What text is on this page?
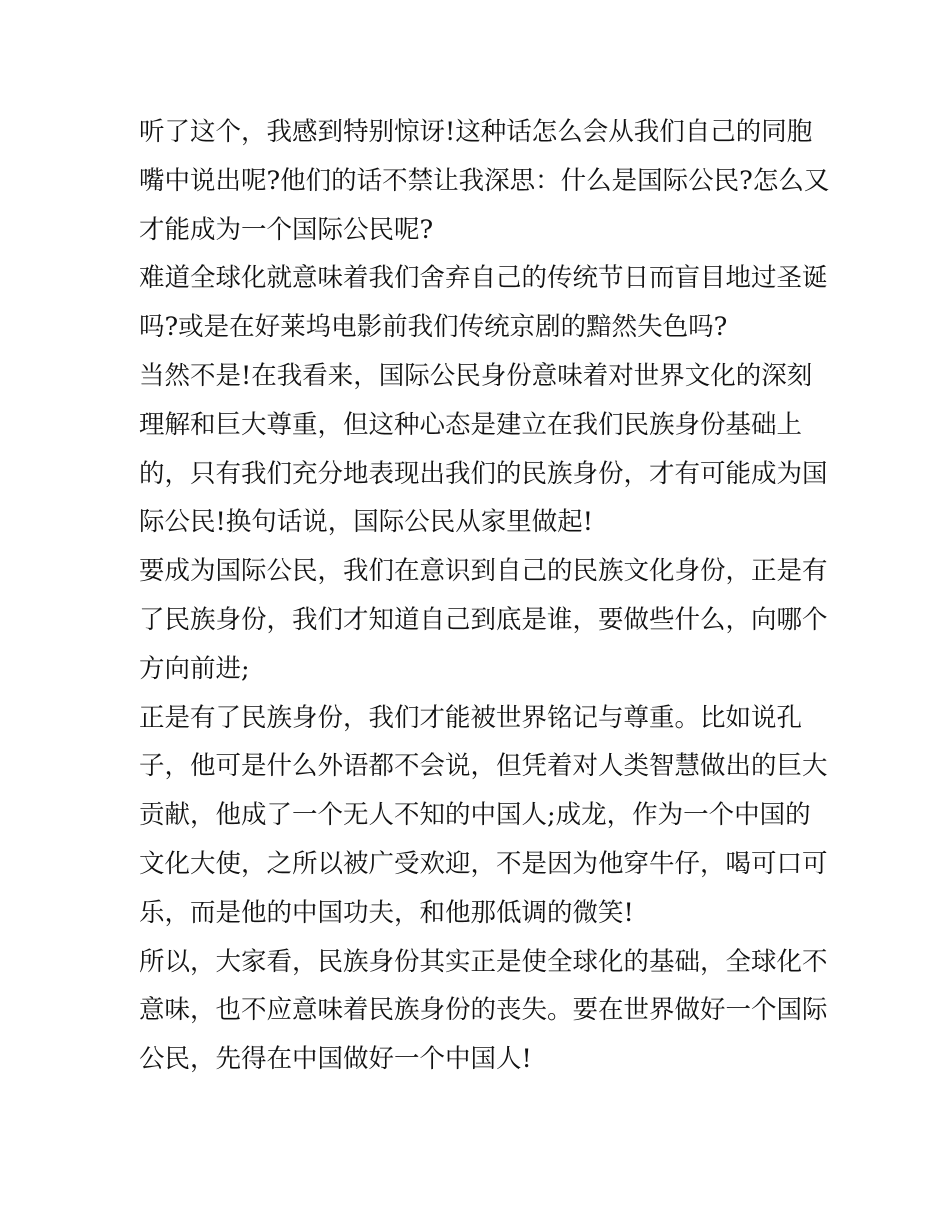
听了这个，我感到特别惊讶!这种话怎么会从我们自己的同胞
嘴中说出呢?他们的话不禁让我深思：什么是国际公民?怎么又
才能成为一个国际公民呢?
难道全球化就意味着我们舍弃自己的传统节日而盲目地过圣诞
吗?或是在好莱坞电影前我们传统京剧的黯然失色吗?
当然不是!在我看来，国际公民身份意味着对世界文化的深刻
理解和巨大尊重，但这种心态是建立在我们民族身份基础上
的，只有我们充分地表现出我们的民族身份，才有可能成为国
际公民!换句话说，国际公民从家里做起!
要成为国际公民，我们在意识到自己的民族文化身份，正是有
了民族身份，我们才知道自己到底是谁，要做些什么，向哪个
方向前进;
正是有了民族身份，我们才能被世界铭记与尊重。比如说孔
子，他可是什么外语都不会说，但凭着对人类智慧做出的巨大
贡献，他成了一个无人不知的中国人;成龙，作为一个中国的
文化大使，之所以被广受欢迎，不是因为他穿牛仔，喝可口可
乐，而是他的中国功夫，和他那低调的微笑!
所以，大家看，民族身份其实正是使全球化的基础，全球化不
意味，也不应意味着民族身份的丧失。要在世界做好一个国际
公民，先得在中国做好一个中国人!
